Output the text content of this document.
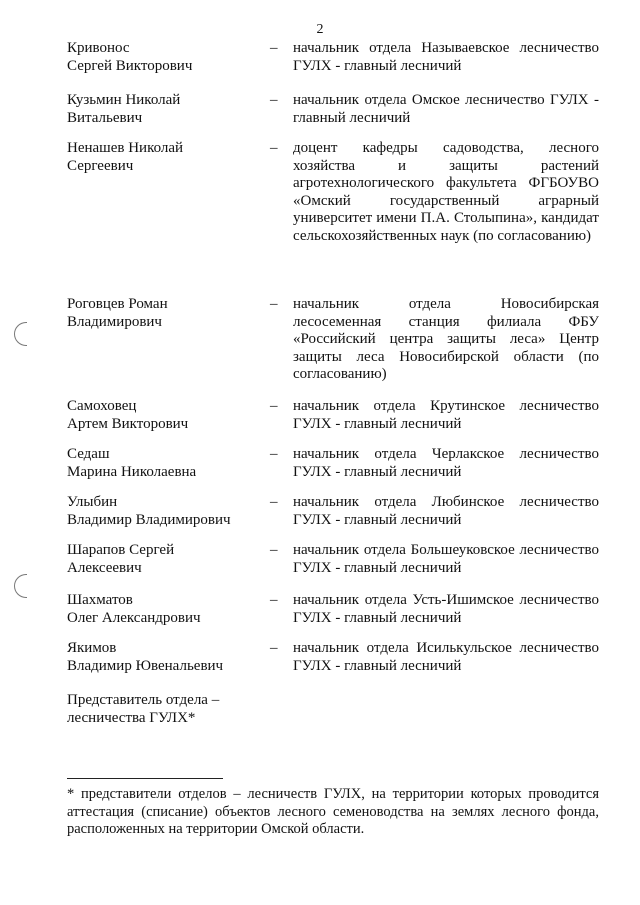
2
Кривонос
Сергей Викторович
–	начальник отдела Называевское лесничество ГУЛХ - главный лесничий
Кузьмин Николай
Витальевич
–	начальник отдела Омское лесничество ГУЛХ - главный лесничий
Ненашев Николай
Сергеевич
–	доцент кафедры садоводства, лесного хозяйства и защиты растений агротехнологического факультета ФГБОУВО «Омский государственный аграрный университет имени П.А. Столыпина», кандидат сельскохозяйственных наук (по согласованию)
Роговцев Роман
Владимирович
–	начальник отдела Новосибирская лесосеменная станция филиала ФБУ «Российский центра защиты леса» Центр защиты леса Новосибирской области (по согласованию)
Самоховец
Артем Викторович
–	начальник отдела Крутинское лесничество ГУЛХ - главный лесничий
Седаш
Марина Николаевна
–	начальник отдела Черлакское лесничество ГУЛХ - главный лесничий
Улыбин
Владимир Владимирович
–	начальник отдела Любинское лесничество ГУЛХ - главный лесничий
Шарапов Сергей
Алексеевич
–	начальник отдела Большеуковское лесничество ГУЛХ - главный лесничий
Шахматов
Олег Александрович
–	начальник отдела Усть-Ишимское лесничество ГУЛХ - главный лесничий
Якимов
Владимир Ювенальевич
–	начальник отдела Исилькульское лесничество ГУЛХ - главный лесничий
Представитель отдела –
лесничества ГУЛХ*
* представители отделов – лесничеств ГУЛХ, на территории которых проводится аттестация (списание) объектов лесного семеноводства на землях лесного фонда, расположенных на территории Омской области.
